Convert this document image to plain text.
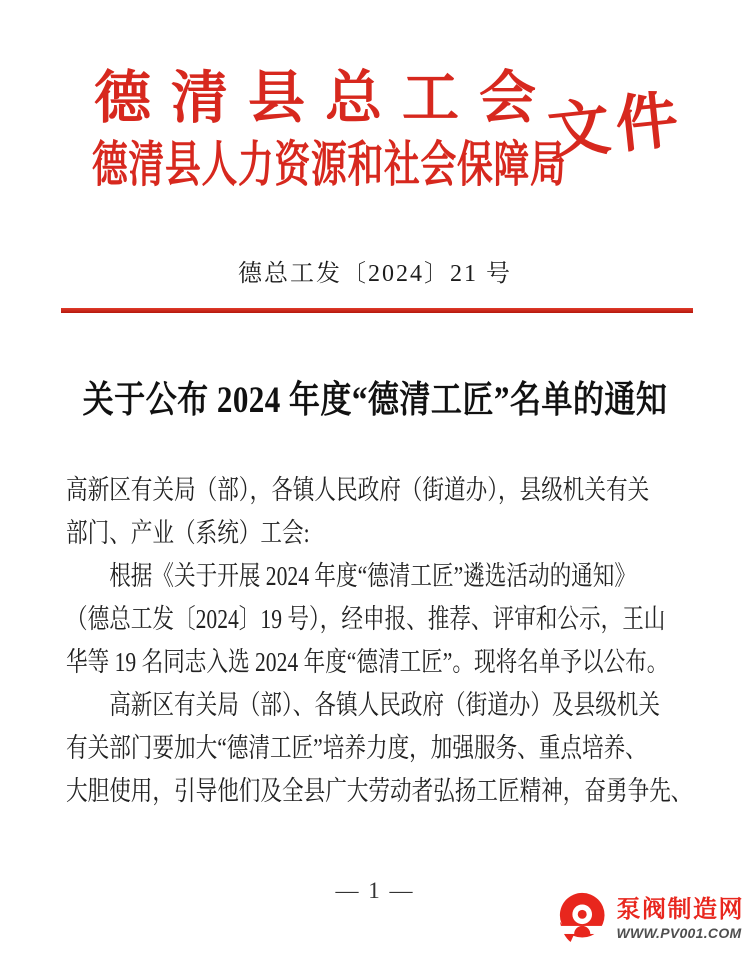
德清县总工会
德清县人力资源和社会保障局
文件
德总工发〔2024〕21 号
关于公布 2024 年度“德清工匠”名单的通知
高新区有关局（部），各镇人民政府（街道办），县级机关有关
部门、产业（系统）工会:
根据《关于开展 2024 年度“德清工匠”遴选活动的通知》
（德总工发〔2024〕19 号），经申报、推荐、评审和公示，王山
华等 19 名同志入选 2024 年度“德清工匠”。现将名单予以公布。
高新区有关局（部）、各镇人民政府（街道办）及县级机关
有关部门要加大“德清工匠”培养力度，加强服务、重点培养、
大胆使用，引导他们及全县广大劳动者弘扬工匠精神，奋勇争先、
— 1 —
泵阀制造网
WWW.PV001.COM
